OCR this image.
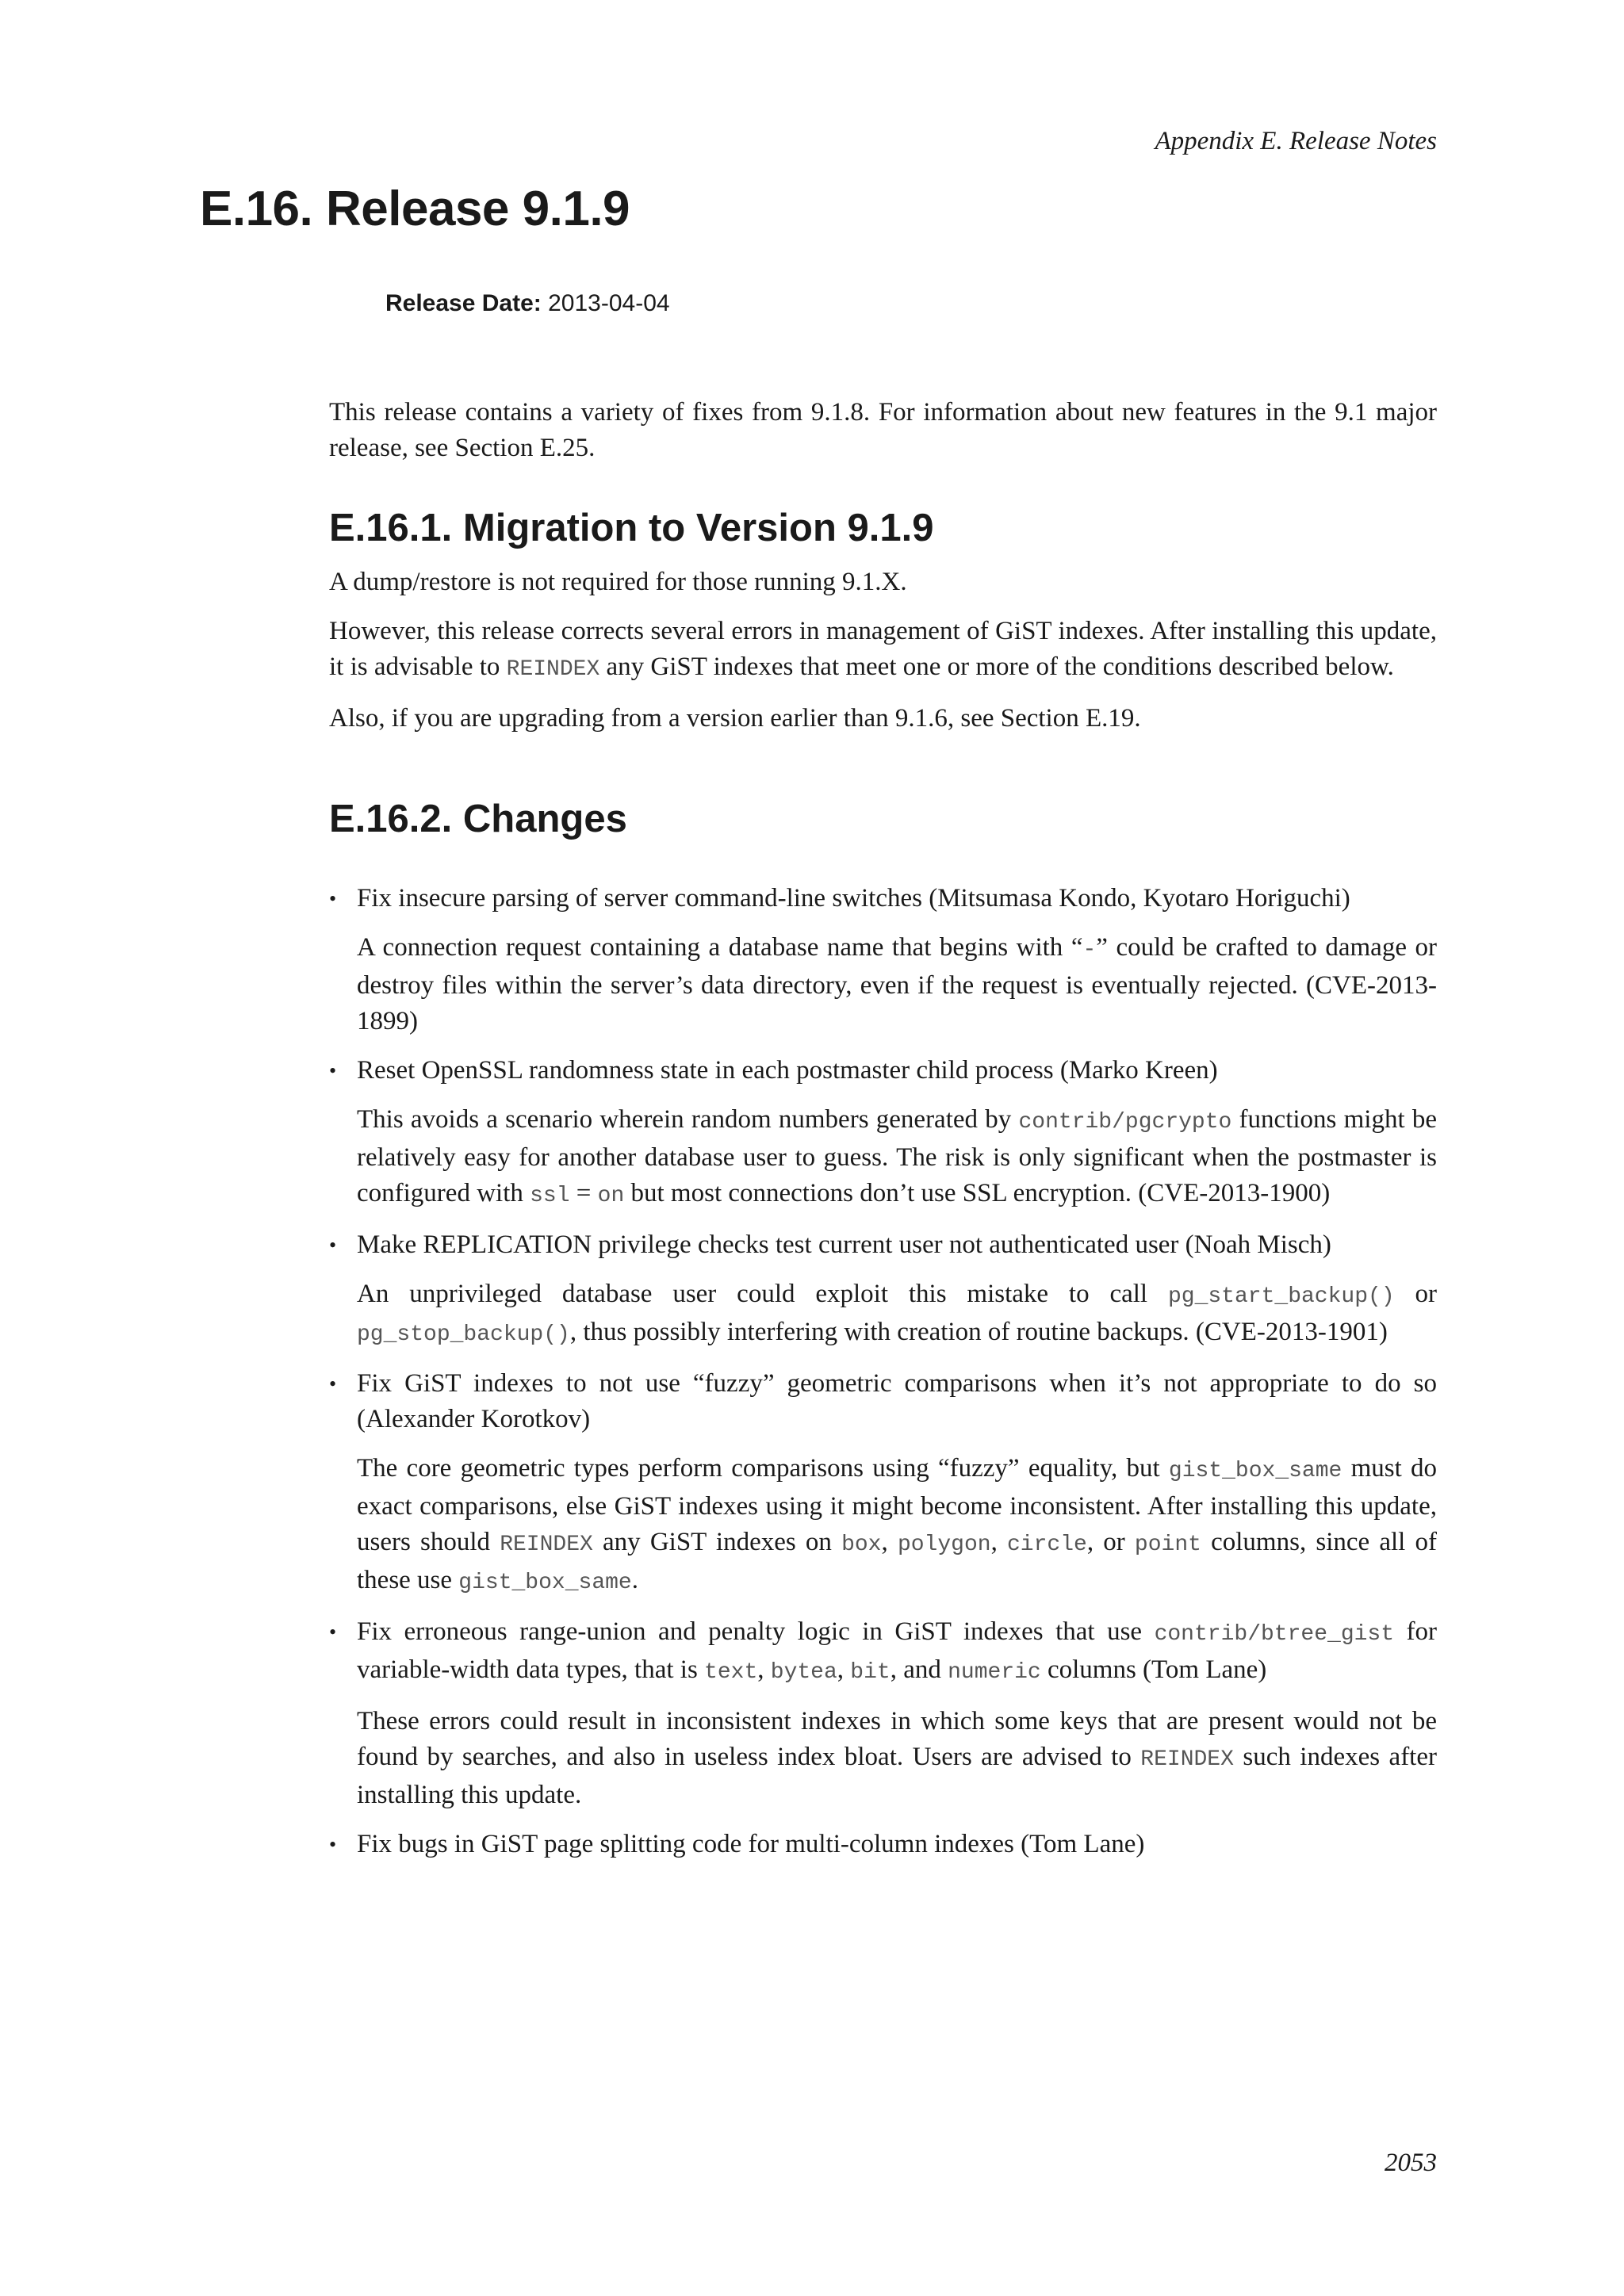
Appendix E. Release Notes
E.16. Release 9.1.9
Release Date: 2013-04-04

This release contains a variety of fixes from 9.1.8. For information about new features in the 9.1 major release, see Section E.25.

E.16.1. Migration to Version 9.1.9

A dump/restore is not required for those running 9.1.X.

However, this release corrects several errors in management of GiST indexes. After installing this update, it is advisable to REINDEX any GiST indexes that meet one or more of the conditions described below.

Also, if you are upgrading from a version earlier than 9.1.6, see Section E.19.

E.16.2. Changes
• Fix insecure parsing of server command-line switches (Mitsumasa Kondo, Kyotaro Horiguchi)

A connection request containing a database name that begins with “-” could be crafted to damage or destroy files within the server’s data directory, even if the request is eventually rejected. (CVE-2013-1899)

• Reset OpenSSL randomness state in each postmaster child process (Marko Kreen)

This avoids a scenario wherein random numbers generated by contrib/pgcrypto functions might be relatively easy for another database user to guess. The risk is only significant when the postmaster is configured with ssl = on but most connections don’t use SSL encryption. (CVE-2013-1900)

• Make REPLICATION privilege checks test current user not authenticated user (Noah Misch)

An unprivileged database user could exploit this mistake to call pg_start_backup() or pg_stop_backup(), thus possibly interfering with creation of routine backups. (CVE-2013-1901)

• Fix GiST indexes to not use “fuzzy” geometric comparisons when it’s not appropriate to do so (Alexander Korotkov)

The core geometric types perform comparisons using “fuzzy” equality, but gist_box_same must do exact comparisons, else GiST indexes using it might become inconsistent. After installing this update, users should REINDEX any GiST indexes on box, polygon, circle, or point columns, since all of these use gist_box_same.

• Fix erroneous range-union and penalty logic in GiST indexes that use contrib/btree_gist for variable-width data types, that is text, bytea, bit, and numeric columns (Tom Lane)

These errors could result in inconsistent indexes in which some keys that are present would not be found by searches, and also in useless index bloat. Users are advised to REINDEX such indexes after installing this update.

• Fix bugs in GiST page splitting code for multi-column indexes (Tom Lane)

2053
